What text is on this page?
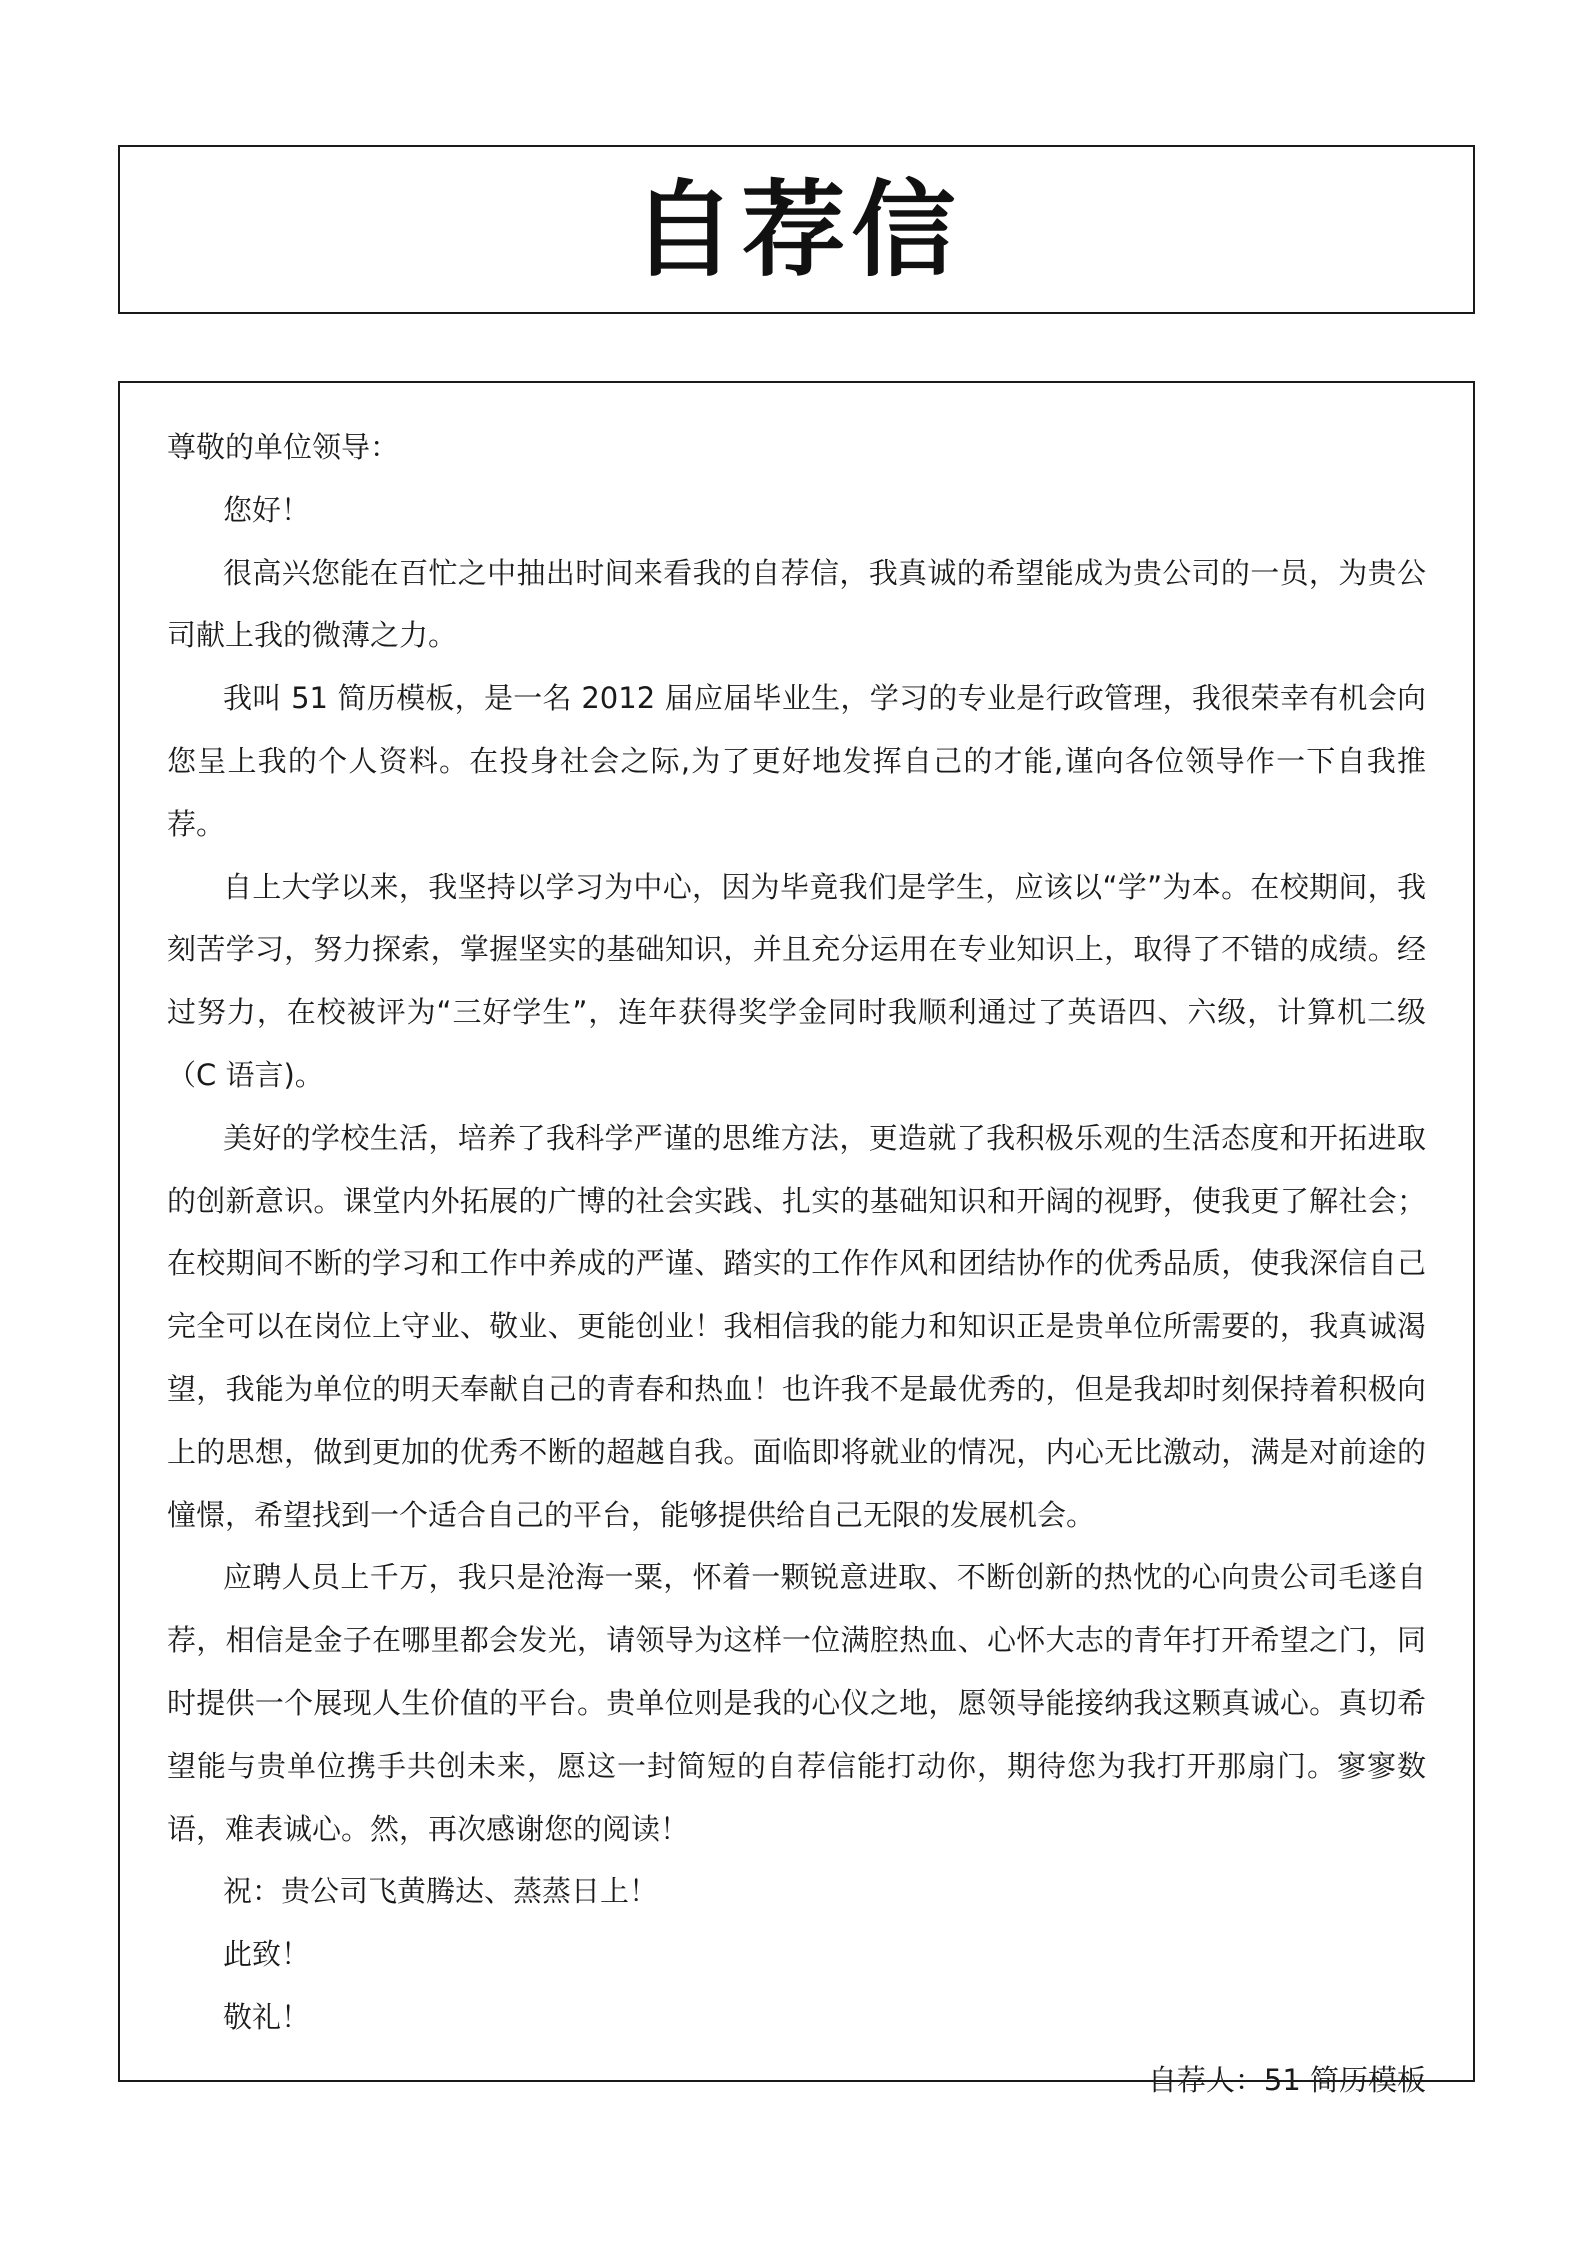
自荐信

尊敬的单位领导：

您好！

很高兴您能在百忙之中抽出时间来看我的自荐信，我真诚的希望能成为贵公司的一员，为贵公司献上我的微薄之力。

我叫 51 简历模板，是一名 2012 届应届毕业生，学习的专业是行政管理，我很荣幸有机会向您呈上我的个人资料。在投身社会之际,为了更好地发挥自己的才能,谨向各位领导作一下自我推荐。

自上大学以来，我坚持以学习为中心，因为毕竟我们是学生，应该以“学”为本。在校期间，我刻苦学习，努力探索，掌握坚实的基础知识，并且充分运用在专业知识上，取得了不错的成绩。经过努力，在校被评为“三好学生”，连年获得奖学金同时我顺利通过了英语四、六级，计算机二级（C 语言)。

美好的学校生活，培养了我科学严谨的思维方法，更造就了我积极乐观的生活态度和开拓进取的创新意识。课堂内外拓展的广博的社会实践、扎实的基础知识和开阔的视野，使我更了解社会；在校期间不断的学习和工作中养成的严谨、踏实的工作作风和团结协作的优秀品质，使我深信自己完全可以在岗位上守业、敬业、更能创业！我相信我的能力和知识正是贵单位所需要的，我真诚渴望，我能为单位的明天奉献自己的青春和热血！也许我不是最优秀的，但是我却时刻保持着积极向上的思想，做到更加的优秀不断的超越自我。面临即将就业的情况，内心无比激动，满是对前途的憧憬，希望找到一个适合自己的平台，能够提供给自己无限的发展机会。

应聘人员上千万，我只是沧海一粟，怀着一颗锐意进取、不断创新的热忱的心向贵公司毛遂自荐，相信是金子在哪里都会发光，请领导为这样一位满腔热血、心怀大志的青年打开希望之门，同时提供一个展现人生价值的平台。贵单位则是我的心仪之地，愿领导能接纳我这颗真诚心。真切希望能与贵单位携手共创未来，愿这一封简短的自荐信能打动你，期待您为我打开那扇门。寥寥数语，难表诚心。然，再次感谢您的阅读！

祝：贵公司飞黄腾达、蒸蒸日上！

此致！

敬礼！

自荐人：51 简历模板
